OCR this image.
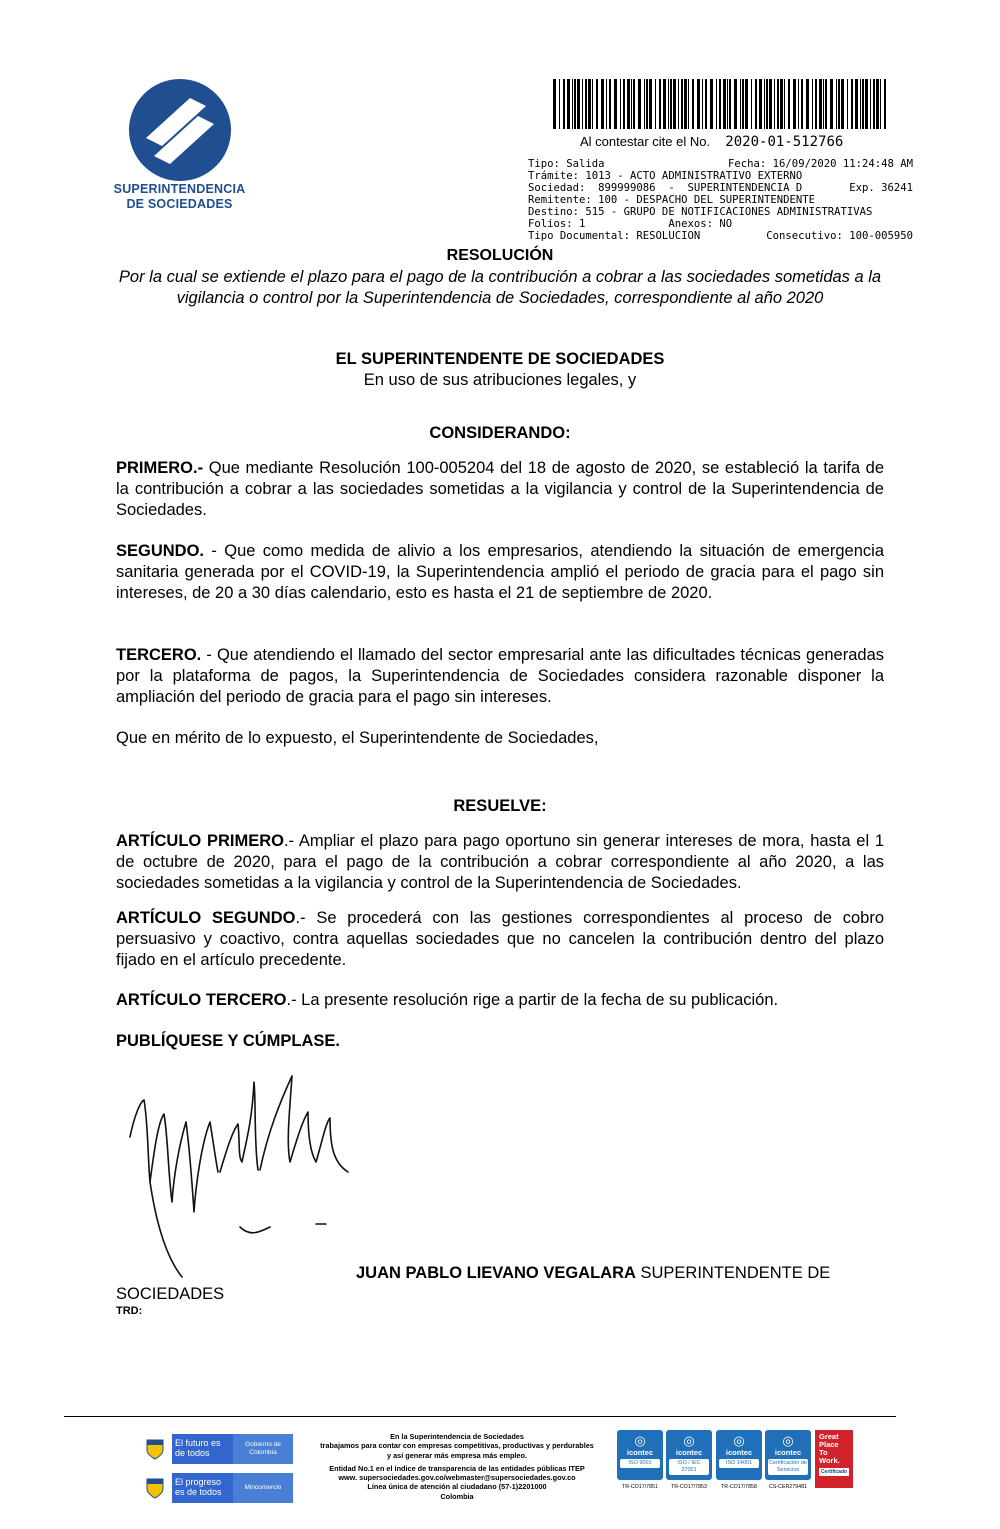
SUPERINTENDENCIA
DE SOCIEDADES
Al contestar cite el No. 2020-01-512766
Tipo: Salida	Fecha: 16/09/2020 11:24:48 AM
Trámite: 1013 - ACTO ADMINISTRATIVO EXTERNO
Sociedad:  899999086  -  SUPERINTENDENCIA D	Exp. 36241
Remitente: 100 - DESPACHO DEL SUPERINTENDENTE
Destino: 515 - GRUPO DE NOTIFICACIONES ADMINISTRATIVAS
Folios: 1             Anexos: NO
Tipo Documental: RESOLUCION	Consecutivo: 100-005950
RESOLUCIÓN
Por la cual se extiende el plazo para el pago de la contribución a cobrar a las sociedades sometidas a la vigilancia o control por la Superintendencia de Sociedades, correspondiente al año 2020
EL SUPERINTENDENTE DE SOCIEDADES
En uso de sus atribuciones legales, y
CONSIDERANDO:
PRIMERO.- Que mediante Resolución 100-005204 del 18 de agosto de 2020, se estableció la tarifa de la contribución a cobrar a las sociedades sometidas a la vigilancia y control de la Superintendencia de Sociedades.
SEGUNDO. - Que como medida de alivio a los empresarios, atendiendo la situación de emergencia sanitaria generada por el COVID-19, la Superintendencia amplió el periodo de gracia para el pago sin intereses, de 20 a 30 días calendario, esto es hasta el 21 de septiembre de 2020.
TERCERO. - Que atendiendo el llamado del sector empresarial ante las dificultades técnicas generadas por la plataforma de pagos, la Superintendencia de Sociedades considera razonable disponer la ampliación del periodo de gracia para el pago sin intereses.
Que en mérito de lo expuesto, el Superintendente de Sociedades,
RESUELVE:
ARTÍCULO PRIMERO.- Ampliar el plazo para pago oportuno sin generar intereses de mora, hasta el 1 de octubre de 2020, para el pago de la contribución a cobrar correspondiente al año 2020, a las sociedades sometidas a la vigilancia y control de la Superintendencia de Sociedades.
ARTÍCULO SEGUNDO.- Se procederá con las gestiones correspondientes al proceso de cobro persuasivo y coactivo, contra aquellas sociedades que no cancelen la contribución dentro del plazo fijado en el artículo precedente.
ARTÍCULO TERCERO.- La presente resolución rige a partir de la fecha de su publicación.
PUBLÍQUESE Y CÚMPLASE.
JUAN PABLO LIEVANO VEGALARA SUPERINTENDENTE DE SOCIEDADES
TRD:
El futuro es de todos
Gobierno de Colombia
El progreso es de todos	Mincomercio
En la Superintendencia de Sociedades
trabajamos para contar con empresas competitivas, productivas y perdurables
y así generar más empresa más empleo.
Entidad No.1 en el índice de transparencia de las entidades públicas ITEP
www. supersociedades.gov.co/webmaster@supersociedades.gov.co
Línea única de atención al ciudadano (57-1)2201000
Colombia
◎
icontec
ISO 9001
TR-CO17/7851
◎
icontec
ISO / IEC 27001
TR-CO17/7853
◎
icontec
ISO 14001
TR-CO17/7858
◎
icontec
Certificación de Servicios
CS-CER279481
Great Place To Work.
Certificado
